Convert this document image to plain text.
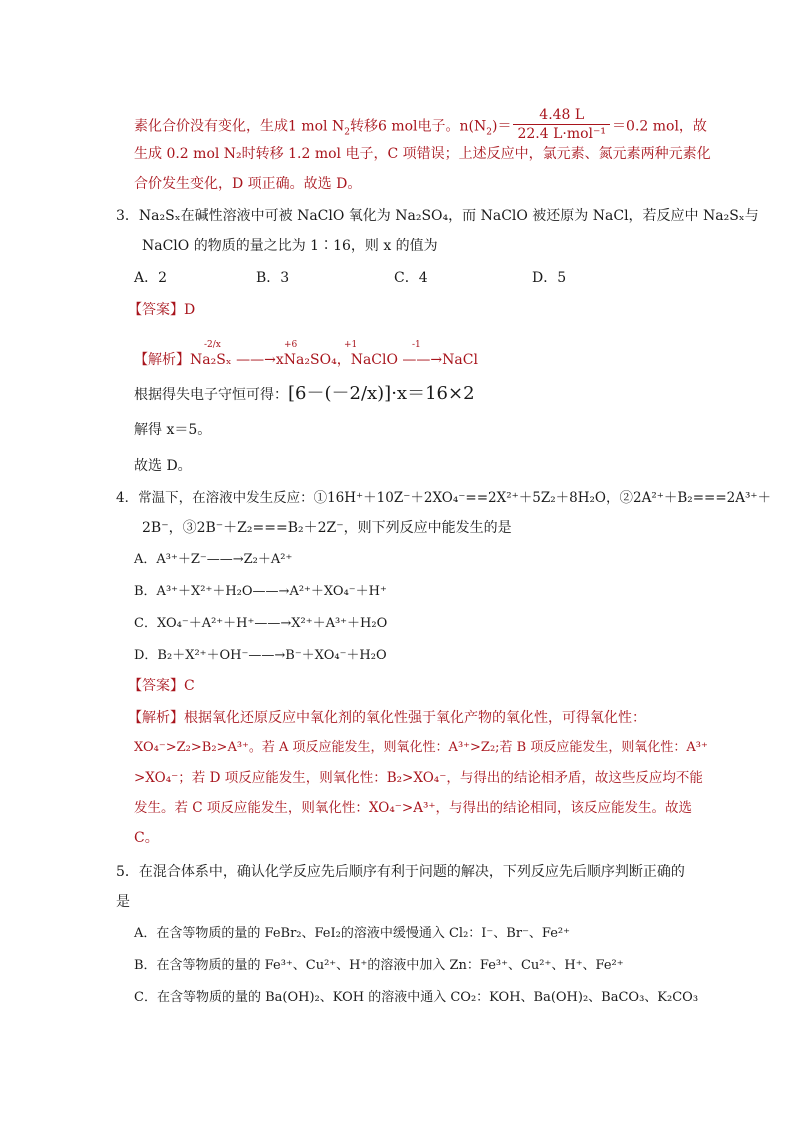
素化合价没有变化，生成1 mol $N_2$转移6 mol电子。$n(N_2)= \frac{4.48 L}{\text{22.4 L·mol⁻¹}} =0.2$ mol，故
生成 0.2 mol N₂时转移 1.2 mol 电子，C 项错误；上述反应中，氯元素、氮元素两种元素化
合价发生变化，D 项正确。故选 D。
3．Na₂Sₓ在碱性溶液中可被 NaClO 氧化为 Na₂SO₄，而 NaClO 被还原为 NaCl，若反应中 Na₂Sₓ与
NaClO 的物质的量之比为 1∶16，则 x 的值为
A．2	B．3	C．4	D．5
【答案】D
-2/x	+6	+1	-1
【解析】Na₂Sₓ ——→xNa₂SO₄，NaClO ——→NaCl
根据得失电子守恒可得：[6－(－2/x)]·x＝16×2
解得 x＝5。
故选 D。
4．常温下，在溶液中发生反应：①16H⁺＋10Z⁻＋2XO₄⁻==2X²⁺＋5Z₂＋8H₂O，②2A²⁺＋B₂===2A³⁺＋
2B⁻，③2B⁻＋Z₂===B₂＋2Z⁻，则下列反应中能发生的是
A．A³⁺＋Z⁻——→Z₂＋A²⁺
B．A³⁺＋X²⁺＋H₂O——→A²⁺＋XO₄⁻＋H⁺
C．XO₄⁻＋A²⁺＋H⁺——→X²⁺＋A³⁺＋H₂O
D．B₂＋X²⁺＋OH⁻——→B⁻＋XO₄⁻＋H₂O
【答案】C
【解析】根据氧化还原反应中氧化剂的氧化性强于氧化产物的氧化性，可得氧化性：
XO₄⁻>Z₂>B₂>A³⁺。若 A 项反应能发生，则氧化性：A³⁺>Z₂;若 B 项反应能发生，则氧化性：A³⁺
>XO₄⁻；若 D 项反应能发生，则氧化性：B₂>XO₄⁻，与得出的结论相矛盾，故这些反应均不能
发生。若 C 项反应能发生，则氧化性：XO₄⁻>A³⁺，与得出的结论相同，该反应能发生。故选
C。
5．在混合体系中，确认化学反应先后顺序有利于问题的解决，下列反应先后顺序判断正确的
是
A．在含等物质的量的 FeBr₂、FeI₂的溶液中缓慢通入 Cl₂：I⁻、Br⁻、Fe²⁺
B．在含等物质的量的 Fe³⁺、Cu²⁺、H⁺的溶液中加入 Zn：Fe³⁺、Cu²⁺、H⁺、Fe²⁺
C．在含等物质的量的 Ba(OH)₂、KOH 的溶液中通入 CO₂：KOH、Ba(OH)₂、BaCO₃、K₂CO₃
